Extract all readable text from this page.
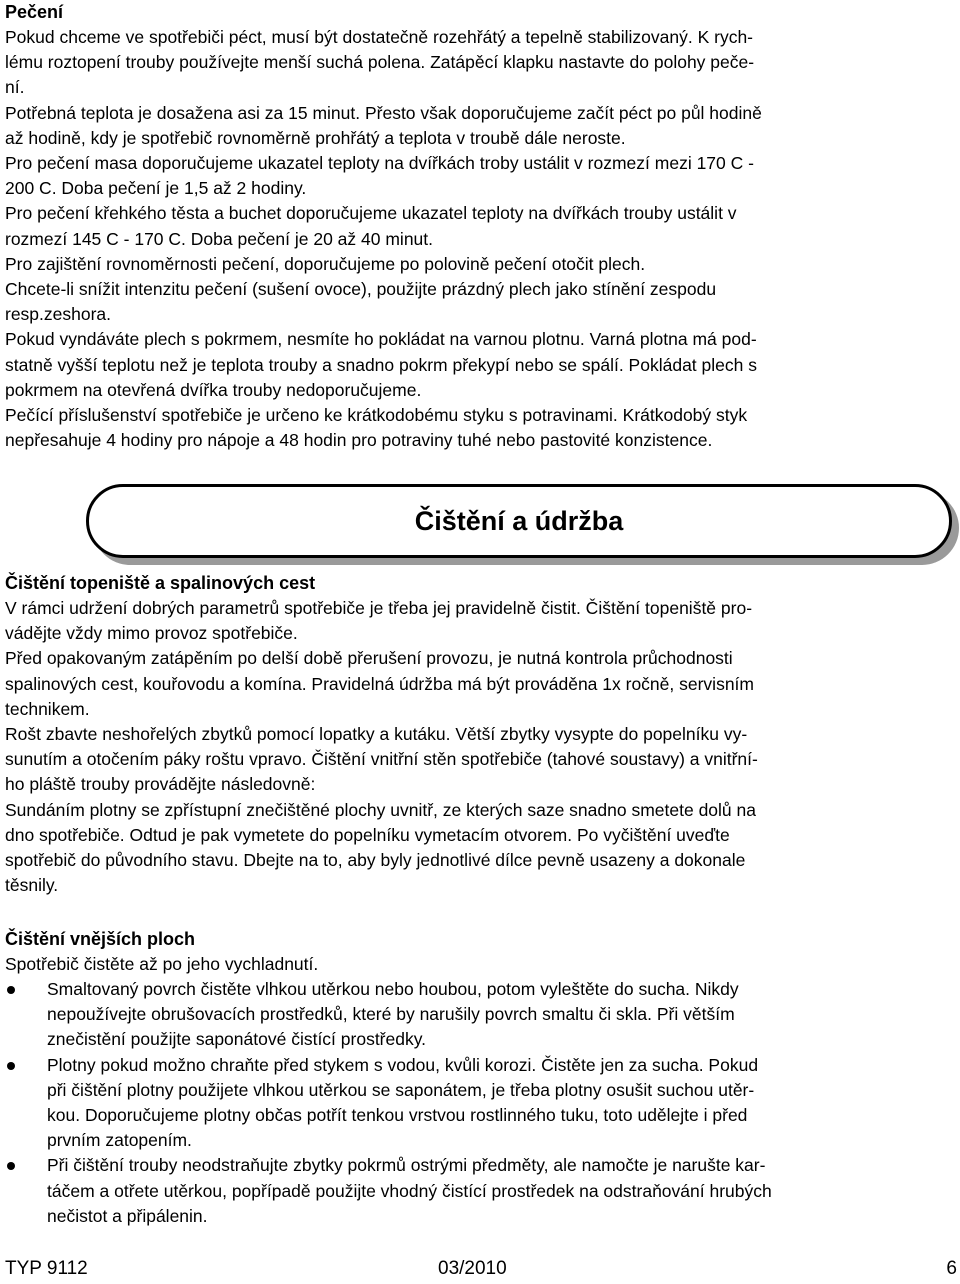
Pečení
Pokud chceme ve spotřebiči péct, musí být dostatečně rozehřátý a tepelně stabilizovaný. K rych-
lému roztopení trouby používejte menší suchá polena. Zatápěcí klapku nastavte do polohy peče-
ní.
Potřebná teplota je dosažena asi za 15 minut. Přesto však doporučujeme začít péct po půl hodině
až hodině, kdy je spotřebič rovnoměrně prohřátý a teplota v troubě dále neroste.
Pro pečení masa doporučujeme ukazatel teploty na dvířkách troby ustálit v rozmezí mezi 170 C -
200 C. Doba pečení je 1,5 až 2 hodiny.
Pro pečení křehkého těsta a buchet doporučujeme ukazatel teploty na dvířkách trouby ustálit v
rozmezí 145 C - 170 C. Doba pečení je 20 až 40 minut.
Pro zajištění rovnoměrnosti pečení, doporučujeme po polovině pečení otočit plech.
Chcete-li snížit intenzitu pečení (sušení ovoce), použijte prázdný plech jako stínění zespodu
resp.zeshora.
Pokud vyndáváte plech s pokrmem, nesmíte ho pokládat na varnou plotnu. Varná plotna má pod-
statně vyšší teplotu než je teplota trouby a snadno pokrm překypí nebo se spálí. Pokládat plech s
pokrmem na otevřená dvířka trouby nedoporučujeme.
Pečící příslušenství spotřebiče je určeno ke krátkodobému styku s potravinami. Krátkodobý styk
nepřesahuje 4 hodiny pro nápoje a 48 hodin pro potraviny tuhé nebo pastovité konzistence.
Čištění a údržba
Čištění topeniště a spalinových cest
V rámci udržení dobrých parametrů spotřebiče je třeba jej pravidelně čistit. Čištění topeniště pro-
vádějte vždy mimo provoz spotřebiče.
Před opakovaným zatápěním po delší době přerušení provozu, je nutná kontrola průchodnosti
spalinových cest, kouřovodu a komína. Pravidelná údržba má být prováděna 1x ročně, servisním
technikem.
Rošt zbavte neshořelých zbytků pomocí lopatky a kutáku. Větší zbytky vysypte do popelníku vy-
sunutím a otočením páky roštu vpravo. Čištění vnitřní stěn spotřebiče (tahové soustavy) a vnitřní-
ho pláště trouby provádějte následovně:
Sundáním plotny se zpřístupní znečištěné plochy uvnitř, ze kterých saze snadno smetete dolů na
dno spotřebiče. Odtud je pak vymetete do popelníku vymetacím otvorem. Po vyčištění uveďte
spotřebič do původního stavu. Dbejte na to, aby byly jednotlivé dílce pevně usazeny a dokonale
těsnily.
Čištění vnějších ploch
Spotřebič čistěte až po jeho vychladnutí.
Smaltovaný povrch čistěte vlhkou utěrkou nebo houbou, potom vyleštěte do sucha. Nikdy
nepoužívejte obrušovacích prostředků, které by narušily povrch smaltu či skla. Při větším
znečistění použijte saponátové čistící prostředky.
Plotny pokud možno chraňte před stykem s vodou, kvůli korozi. Čistěte jen za sucha. Pokud
při čištění plotny použijete vlhkou utěrkou se saponátem, je třeba plotny osušit suchou utěr-
kou. Doporučujeme plotny občas potřít tenkou vrstvou rostlinného tuku, toto udělejte i před
prvním zatopením.
Při čištění trouby neodstraňujte zbytky pokrmů ostrými předměty, ale namočte je narušte kar-
táčem a otřete utěrkou, popřípadě použijte vhodný čistící prostředek na odstraňování hrubých
nečistot a připálenin.
TYP 9112	03/2010	6
